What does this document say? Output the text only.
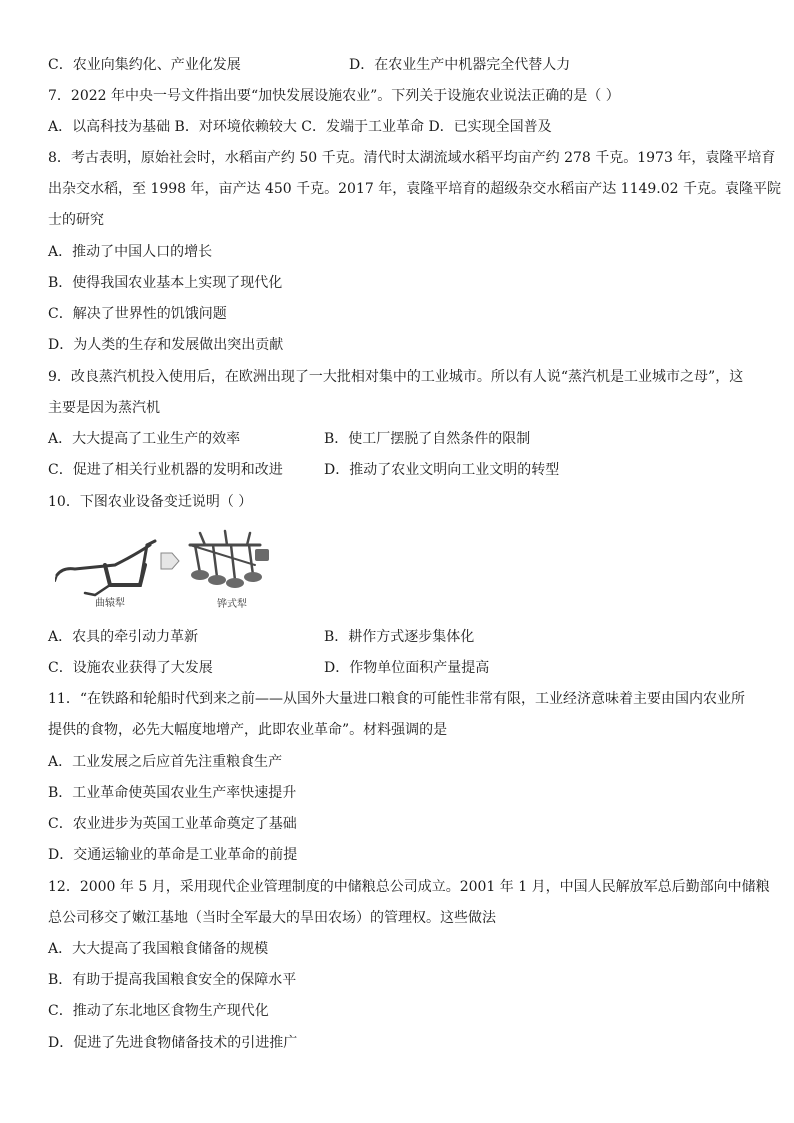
C．农业向集约化、产业化发展	D．在农业生产中机器完全代替人力
7．2022 年中央一号文件指出要“加快发展设施农业”。下列关于设施农业说法正确的是（ ）
A．以高科技为基础 B．对环境依赖较大 C．发端于工业革命 D．已实现全国普及
8．考古表明，原始社会时，水稻亩产约 50 千克。清代时太湖流域水稻平均亩产约 278 千克。1973 年，袁隆平培育
出杂交水稻，至 1998 年，亩产达 450 千克。2017 年，袁隆平培育的超级杂交水稻亩产达 1149.02 千克。袁隆平院
士的研究
A．推动了中国人口的增长
B．使得我国农业基本上实现了现代化
C．解决了世界性的饥饿问题
D．为人类的生存和发展做出突出贡献
9．改良蒸汽机投入使用后，在欧洲出现了一大批相对集中的工业城市。所以有人说“蒸汽机是工业城市之母”，这
主要是因为蒸汽机
A．大大提高了工业生产的效率	B．使工厂摆脱了自然条件的限制
C．促进了相关行业机器的发明和改进	D．推动了农业文明向工业文明的转型
10．下图农业设备变迁说明（ ）
曲辕犁	铧式犁
A．农具的牵引动力革新	B．耕作方式逐步集体化
C．设施农业获得了大发展	D．作物单位面积产量提高
11．“在铁路和轮船时代到来之前——从国外大量进口粮食的可能性非常有限，工业经济意味着主要由国内农业所
提供的食物，必先大幅度地增产，此即农业革命”。材料强调的是
A．工业发展之后应首先注重粮食生产
B．工业革命使英国农业生产率快速提升
C．农业进步为英国工业革命奠定了基础
D．交通运输业的革命是工业革命的前提
12．2000 年 5 月，采用现代企业管理制度的中储粮总公司成立。2001 年 1 月，中国人民解放军总后勤部向中储粮
总公司移交了嫩江基地（当时全军最大的旱田农场）的管理权。这些做法
A．大大提高了我国粮食储备的规模
B．有助于提高我国粮食安全的保障水平
C．推动了东北地区食物生产现代化
D．促进了先进食物储备技术的引进推广
